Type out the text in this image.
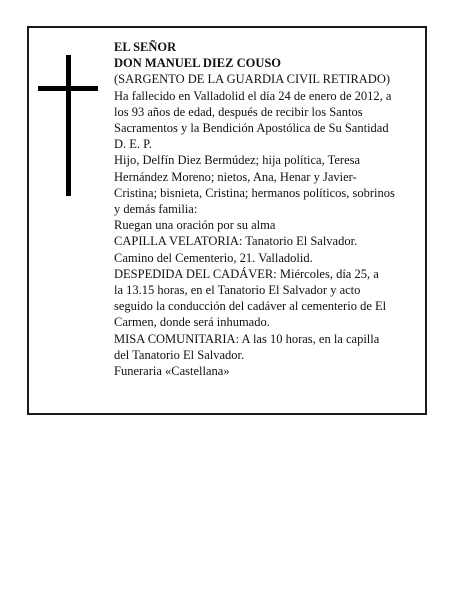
EL SEÑOR
DON MANUEL DIEZ COUSO
(SARGENTO DE LA GUARDIA CIVIL RETIRADO)
Ha fallecido en Valladolid el día 24 de enero de 2012, a
los 93 años de edad, después de recibir los Santos
Sacramentos y la Bendición Apostólica de Su Santidad
D. E. P.
Hijo, Delfín Diez Bermúdez; hija política, Teresa
Hernández Moreno; nietos, Ana, Henar y Javier-
Cristina; bisnieta, Cristina; hermanos políticos, sobrinos
y demás familia:
Ruegan una oración por su alma
CAPILLA VELATORIA: Tanatorio El Salvador.
Camino del Cementerio, 21. Valladolid.
DESPEDIDA DEL CADÁVER: Miércoles, día 25, a
la 13.15 horas, en el Tanatorio El Salvador y acto
seguido la conducción del cadáver al cementerio de El
Carmen, donde será inhumado.
MISA COMUNITARIA: A las 10 horas, en la capilla
del Tanatorio El Salvador.
Funeraria «Castellana»
